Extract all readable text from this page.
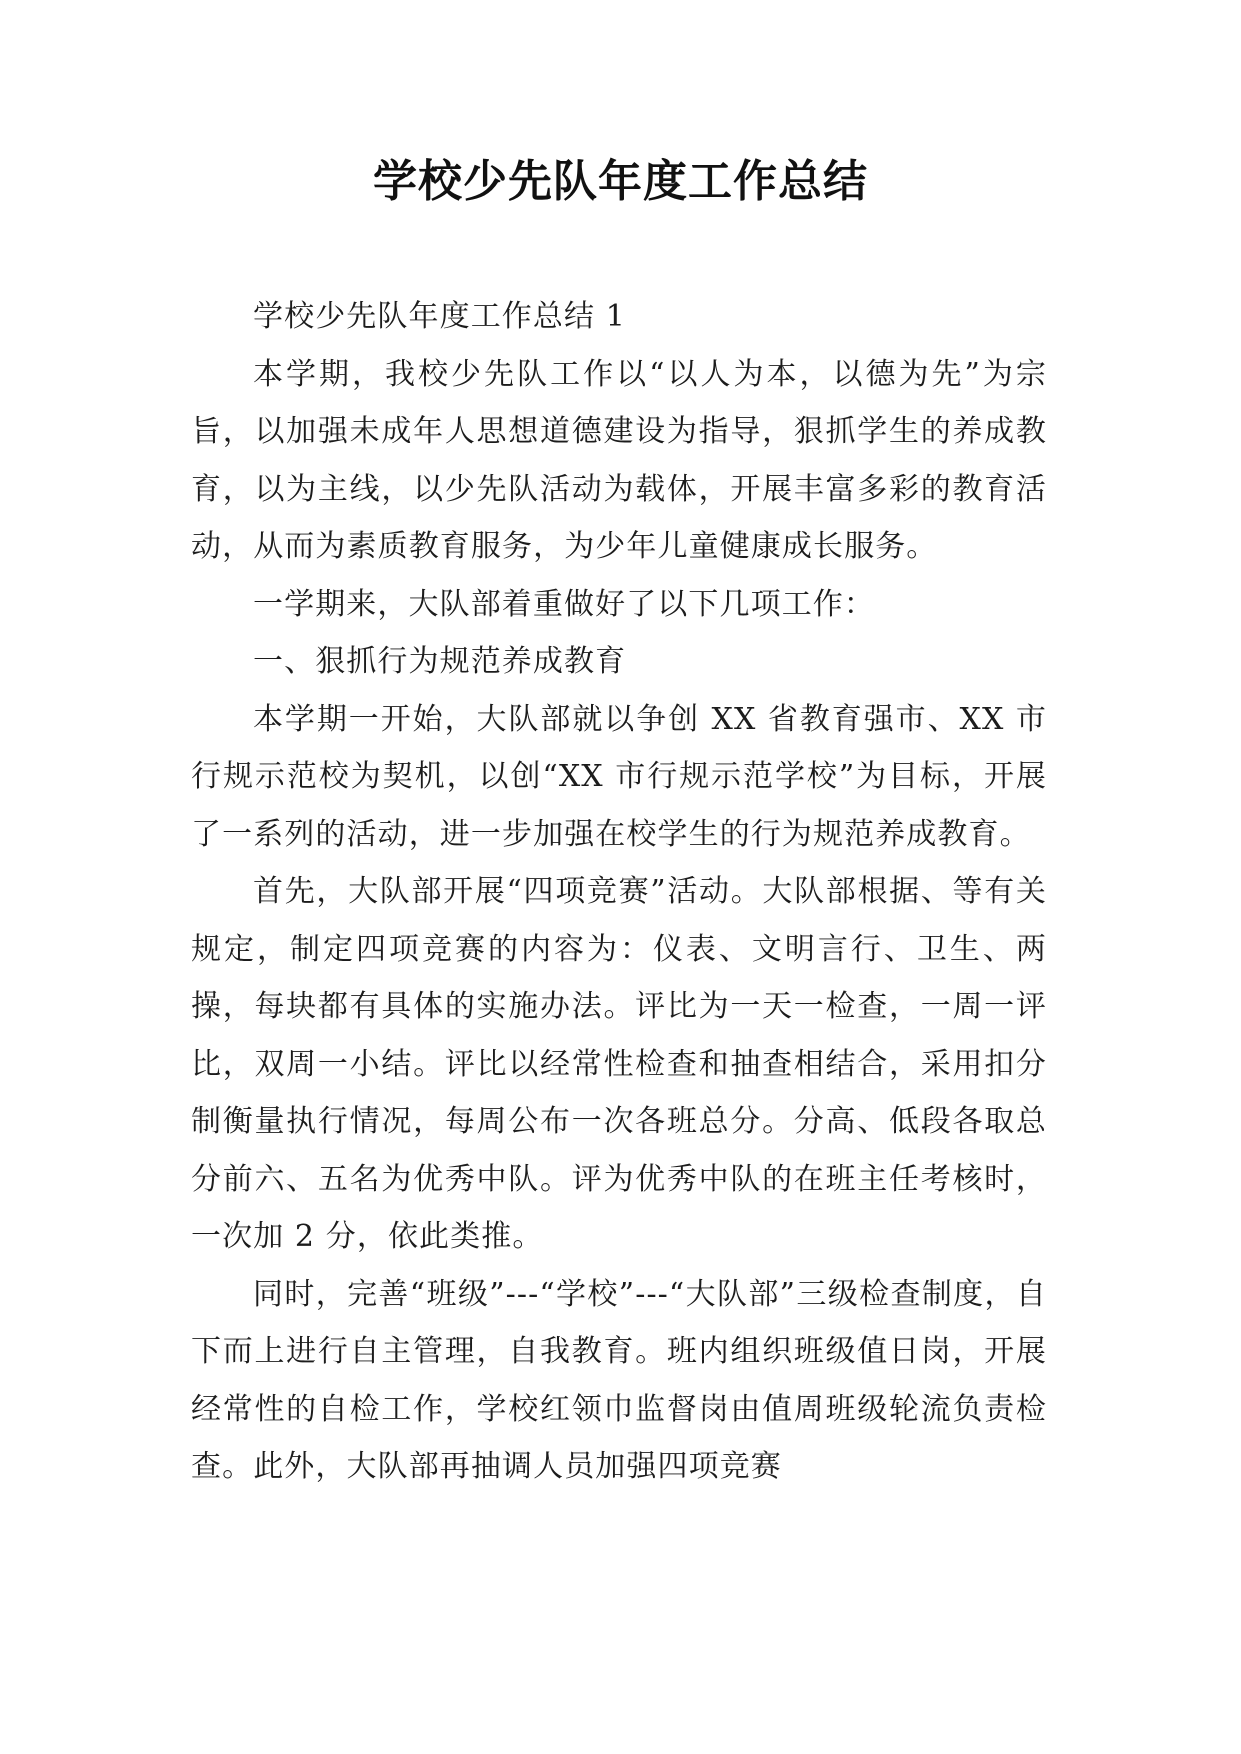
学校少先队年度工作总结

学校少先队年度工作总结 1

本学期，我校少先队工作以“以人为本，以德为先”为宗旨，以加强未成年人思想道德建设为指导，狠抓学生的养成教育，以为主线，以少先队活动为载体，开展丰富多彩的教育活动，从而为素质教育服务，为少年儿童健康成长服务。

一学期来，大队部着重做好了以下几项工作：

一、狠抓行为规范养成教育

本学期一开始，大队部就以争创 XX 省教育强市、XX 市行规示范校为契机，以创“XX 市行规示范学校”为目标，开展了一系列的活动，进一步加强在校学生的行为规范养成教育。

首先，大队部开展“四项竞赛”活动。大队部根据、等有关规定，制定四项竞赛的内容为：仪表、文明言行、卫生、两操，每块都有具体的实施办法。评比为一天一检查，一周一评比，双周一小结。评比以经常性检查和抽查相结合，采用扣分制衡量执行情况，每周公布一次各班总分。分高、低段各取总分前六、五名为优秀中队。评为优秀中队的在班主任考核时，一次加 2 分，依此类推。

同时，完善“班级”---“学校”---“大队部”三级检查制度，自下而上进行自主管理，自我教育。班内组织班级值日岗，开展经常性的自检工作，学校红领巾监督岗由值周班级轮流负责检查。此外，大队部再抽调人员加强四项竞赛
